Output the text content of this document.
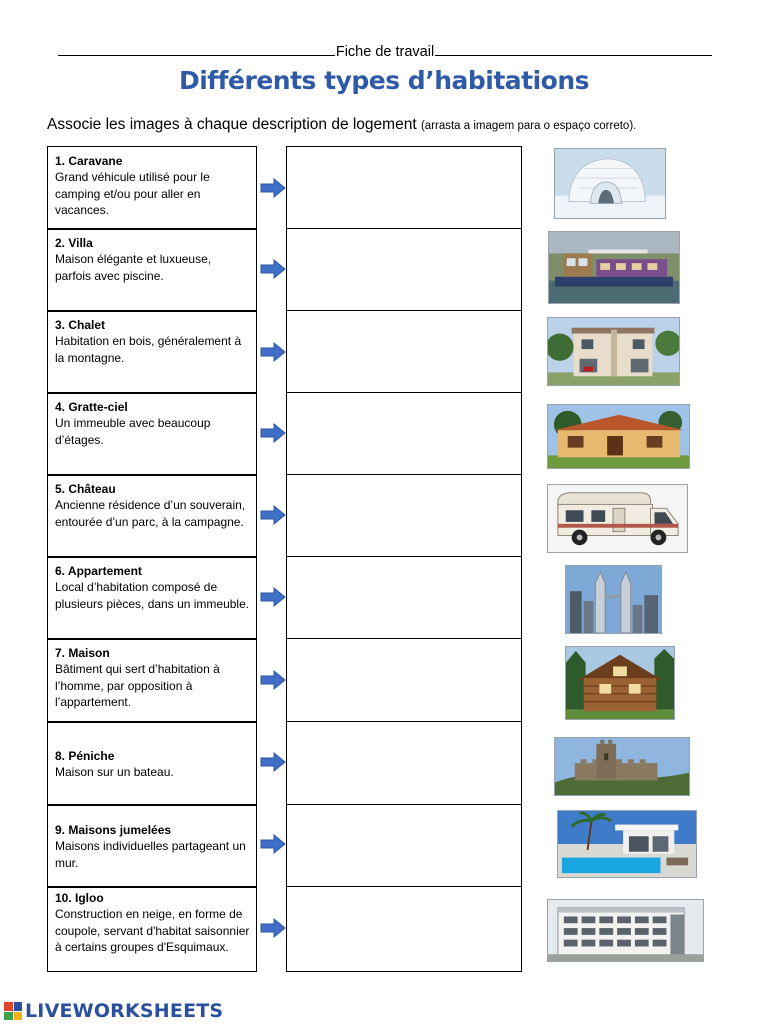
Fiche de travail
Différents types d’habitations
Associe les images à chaque description de logement (arrasta a imagem para o espaço correto).
1. Caravane
Grand véhicule utilisé pour le camping et/ou pour aller en vacances.
2. Villa
Maison élégante et luxueuse, parfois avec piscine.
3. Chalet
Habitation en bois, généralement à la montagne.
4. Gratte-ciel
Un immeuble avec beaucoup d’étages.
5. Château
Ancienne résidence d’un souverain, entourée d’un parc, à la campagne.
6. Appartement
Local d’habitation composé de plusieurs pièces, dans un immeuble.
7. Maison
Bâtiment qui sert d’habitation à l’homme, par opposition à l’appartement.
8. Péniche
Maison sur un bateau.
9. Maisons jumelées
Maisons individuelles partageant un mur.
10. Igloo
Construction en neige, en forme de coupole, servant d'habitat saisonnier à certains groupes d'Esquimaux.
LIVEWORKSHEETS
